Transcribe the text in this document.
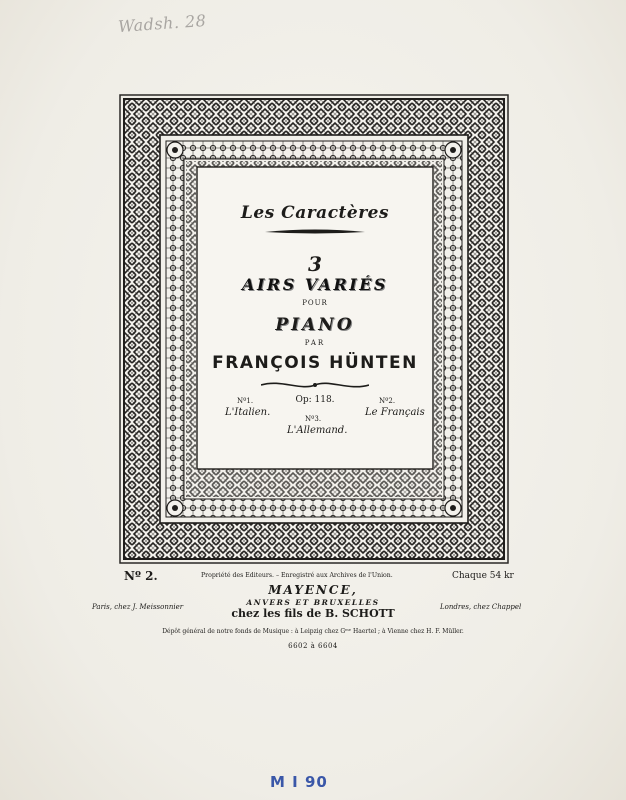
Wadsh. 28
Les Caractères
3
AIRS VARIÉS
POUR
PIANO
PAR
FRANÇOIS HÜNTEN
Nº1.	Op: 118.	Nº2.
L'Italien.	Le Français
Nº3.
L'Allemand.
Nº 2.	Propriété des Editeurs. – Enregistré aux Archives de l'Union.	Chaque 54 kr
MAYENCE,
ANVERS ET BRUXELLES
Paris, chez J. Meissonnier	Londres, chez Chappel
chez les fils de B. SCHOTT
Dépôt général de notre fonds de Musique : à Leipzig chez Gᵐᵉ Haertel ; à Vienne chez H. F. Müller.
6602 à 6604
M I 90
